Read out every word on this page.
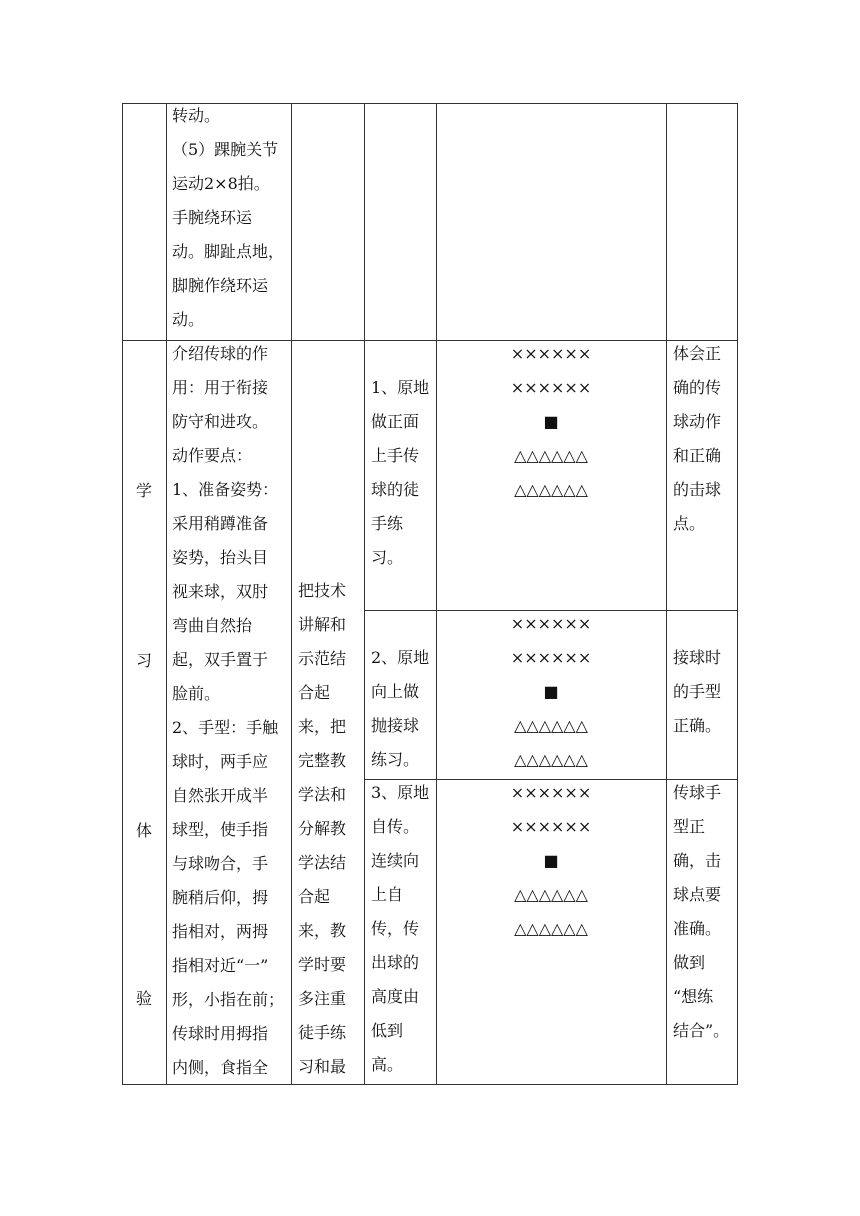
转动。
（5）踝腕关节
运动2×8拍。
手腕绕环运
动。脚趾点地，
脚腕作绕环运
动。
学
习
体
验
介绍传球的作
用：用于衔接
防守和进攻。
动作要点：
1、准备姿势：
采用稍蹲准备
姿势，抬头目
视来球，双肘
弯曲自然抬
起，双手置于
脸前。
2、手型：手触
球时，两手应
自然张开成半
球型，使手指
与球吻合，手
腕稍后仰，拇
指相对，两拇
指相对近“一”
形，小指在前；
传球时用拇指
内侧，食指全
把技术
讲解和
示范结
合起
来，把
完整教
学法和
分解教
学法结
合起
来，教
学时要
多注重
徒手练
习和最
1、原地
做正面
上手传
球的徒
手练
习。
××××××
××××××
■
△△△△△△
△△△△△△
体会正
确的传
球动作
和正确
的击球
点。
2、原地
向上做
抛接球
练习。
××××××
××××××
■
△△△△△△
△△△△△△
接球时
的手型
正确。
3、原地
自传。
连续向
上自
传，传
出球的
高度由
低到
高。
××××××
××××××
■
△△△△△△
△△△△△△
传球手
型正
确，击
球点要
准确。
做到
“想练
结合”。
